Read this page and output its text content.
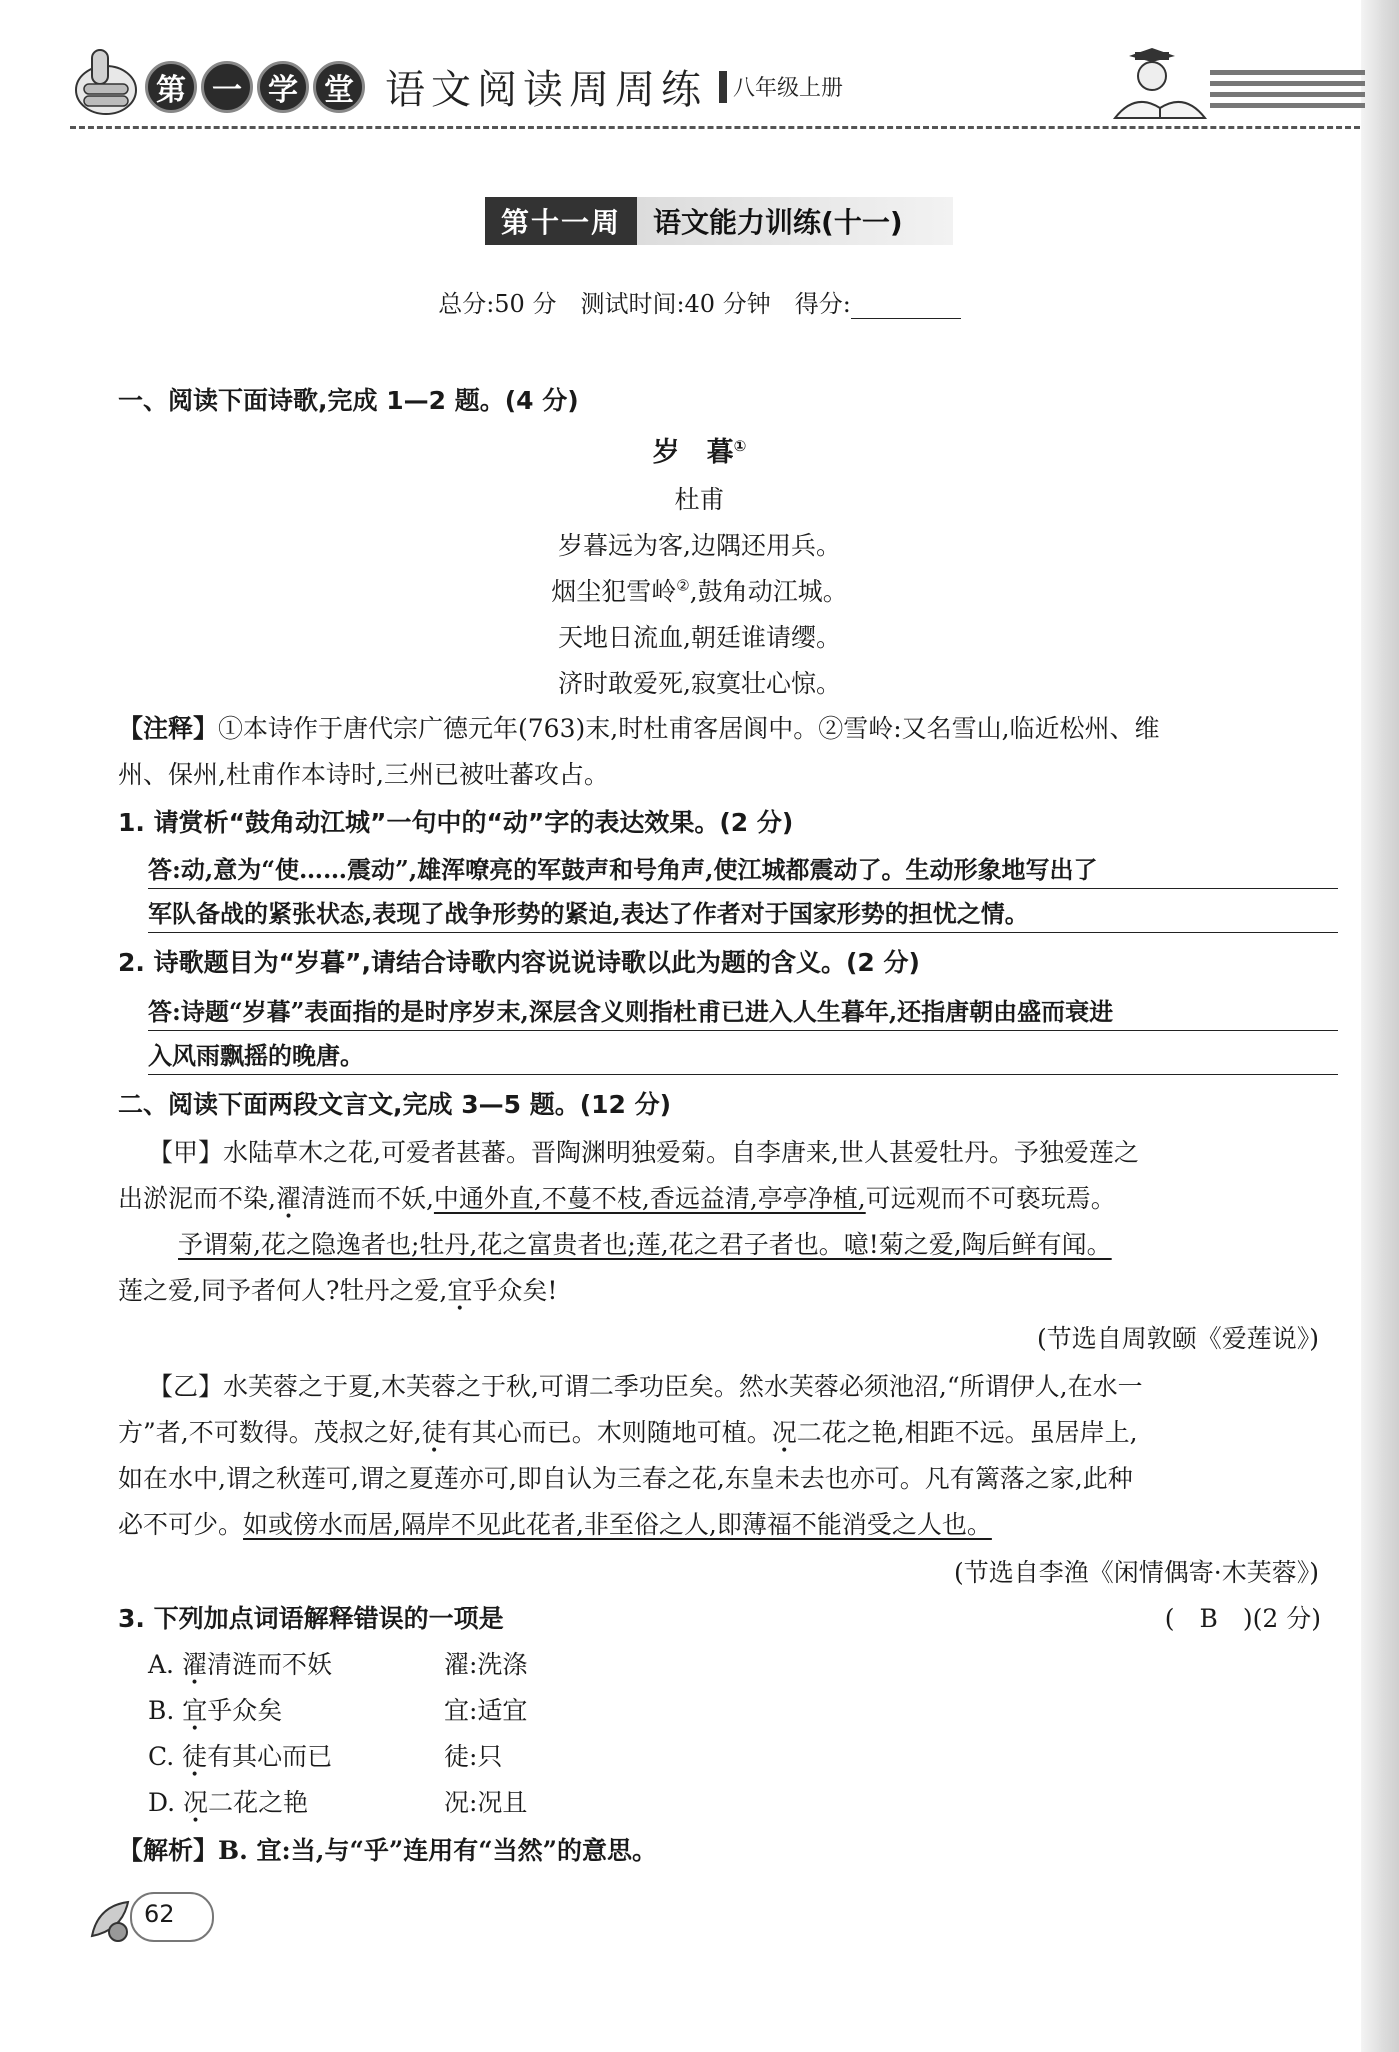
第 一 学 堂 语文阅读周周练 八年级上册
第十一周	语文能力训练(十一)
总分:50 分　测试时间:40 分钟　得分:
一、阅读下面诗歌,完成 1—2 题。(4 分)
岁　暮①
杜甫
岁暮远为客,边隅还用兵。
烟尘犯雪岭②,鼓角动江城。
天地日流血,朝廷谁请缨。
济时敢爱死,寂寞壮心惊。
【注释】①本诗作于唐代宗广德元年(763)末,时杜甫客居阆中。②雪岭:又名雪山,临近松州、维
州、保州,杜甫作本诗时,三州已被吐蕃攻占。
1. 请赏析“鼓角动江城”一句中的“动”字的表达效果。(2 分)
答:动,意为“使……震动”,雄浑嘹亮的军鼓声和号角声,使江城都震动了。生动形象地写出了
军队备战的紧张状态,表现了战争形势的紧迫,表达了作者对于国家形势的担忧之情。
2. 诗歌题目为“岁暮”,请结合诗歌内容说说诗歌以此为题的含义。(2 分)
答:诗题“岁暮”表面指的是时序岁末,深层含义则指杜甫已进入人生暮年,还指唐朝由盛而衰进
入风雨飘摇的晚唐。
二、阅读下面两段文言文,完成 3—5 题。(12 分)
【甲】水陆草木之花,可爱者甚蕃。晋陶渊明独爱菊。自李唐来,世人甚爱牡丹。予独爱莲之
出淤泥而不染,濯清涟而不妖,中通外直,不蔓不枝,香远益清,亭亭净植,可远观而不可亵玩焉。
予谓菊,花之隐逸者也;牡丹,花之富贵者也;莲,花之君子者也。噫!菊之爱,陶后鲜有闻。
莲之爱,同予者何人?牡丹之爱,宜乎众矣!
(节选自周敦颐《爱莲说》)
【乙】水芙蓉之于夏,木芙蓉之于秋,可谓二季功臣矣。然水芙蓉必须池沼,“所谓伊人,在水一
方”者,不可数得。茂叔之好,徒有其心而已。木则随地可植。况二花之艳,相距不远。虽居岸上,
如在水中,谓之秋莲可,谓之夏莲亦可,即自认为三春之花,东皇未去也亦可。凡有篱落之家,此种
必不可少。如或傍水而居,隔岸不见此花者,非至俗之人,即薄福不能消受之人也。
(节选自李渔《闲情偶寄·木芙蓉》)
3. 下列加点词语解释错误的一项是	(　B　)(2 分)
A. 濯清涟而不妖	濯:洗涤
B. 宜乎众矣	宜:适宜
C. 徒有其心而已	徒:只
D. 况二花之艳	况:况且
【解析】B. 宜:当,与“乎”连用有“当然”的意思。
62
